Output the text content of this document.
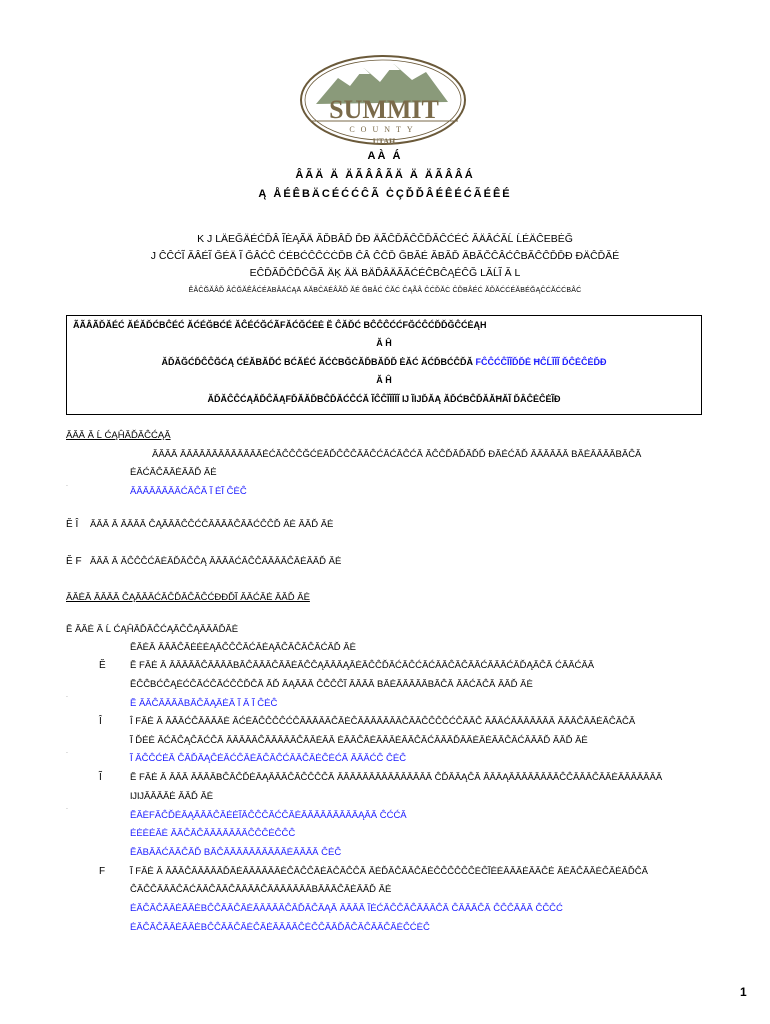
SUMMIT
COUNTY
UTAH
AÀ Á
ÂÃÄ Ä ÄÃÂÂÃÄ Ä ÄÃÂÂÁ
Ą ÅÉÊBÄCÉĆĆĈÃ ĊÇĎĎÂÉÊÉĆÃÉÊÉ
K J LÄEĞÄÉĆĎÂ ĨÈĄÃÄ ĂĎBÂĎ ĎĐ ÄÃĈĎĂĈČĎĂĈĆÉĆ ĂÄÂĆĂĹ ĹÉÄĈEBĖĞ
J ĈĈĆĨ ĂÂÉĨ ĞÉÄ Ĩ ĞÂĆĈ ĆÉBĆĈĈĊĊĎB ĈÂ ĈĈĎ ĞBĂÉ ĂBĂĎ ĂBĂČĈÂĆĈBĂĈĈĎĎĐ ĐÄĈĎĂÉ
EĈĎĂĎĈĎĈĞĂ ÄĶ ÄÄ BÄĎÂÄĂĂĆÉĈBĈĄÉĈĞ LĂĹĨ Ă L
ĚÂĈĞĂÂĎ ÂĈĞĂÊÂĆÉÄBÂÄĆĄÄ ÄĂBĈÄÉÂÃĎ ĂÉ ĞBÂĆ ĈĂĆ ĈĄÃÂ ĈĆĎĂĊ ĈĎBÂÉĆ ĂĎĂĆĆÉĂBÉĞĄĈĆĂĆĆBÂĆ
ÃÃÂÃĎĂÉĆ ĂÉĂĎĆBĈÉĆ ĂĆÉĞBĆÉ ĂĈÉĆĞĆÃFĂĆĞĆĖĖ Ĕ ĈĂĎĆ BĈĈĈĆĆFĞĆĈĆĎĎĞĈĆĖĄH
Ă Ĥ
ĂĎĂĞĆĎĈĈĞĆĄ ĆÉĂBĂĎĆ BĆĂÉĆ ĂĆĊBĞĊĂĎBĂĎĎ ĖĂĆ ĂĆĎBĆĈĎĂ FĈĈĆĈĨĨĎĎĖ ĦĈĹĨĨĨ ĎĈĖĈĖĎĐ
Ă Ĥ
ĂĎĂĈĈĆĄĂĎĈĂĄFĎĂĂĎBĈĎĂĆĈĆĂ ĨĈĈĨĨĨĨĨ Ĳ ĨIJĎĂĄ ĂĎĆBĈĎĂĂĦĂĨ ĎÂĈĖĈĖĨĐ
ĂĂĂ Ă Ĺ ĆĄĤĂĎĂĈĆĄĂ
ĂĂĂĂ ĂĂĂĂĂĂĂĂĂĂĂĂĂÉĆĂĈĈĈĞĆĖĂĎĈĈĈĂĂĈĆĂĆĂĈĆĂ ĂĈĈĎĂĎĂĎĎ ĐĂÉĆĂĎ ĂĂĂĂĂĂ BĂĖĂĂĂĂBĂĈĂ
ĖĂĆĂĈĂĂĖĂĂĎ ĂĖ
ĂĂĂĂĂĂĂĂĆĂĈĂ Ĩ ĖĨ ĈĖĈ
.
Ĕ Î ĂĂĂ Ă ĂĂĂĂ ĈĄĂĂĂĈĈĆĈĂĂĂĂĈĂĂĆĈĈĎ ĂĖ ĂĂĎ ĂĖ
Ĕ F ĂĂĂ Ă ĂĈĈĈĆĂĖĂĎĂĈĈĄ ĂĂĂĂĆĂĈĈĂĂĂĂĈĂĖĂĂĎ ĂĖ
ĂĂĖĂ ĂĂĂĂ ĈĄĂĂĂĆĂĈĎĂĈĂĈĆĐĐĎĨ ĂĂĆĂĖ ĂĂĎ ĂĖ
Ĕ ĂĂĖ Ă Ĺ ĆĄĤĂĎĂĈĆĄĂĈĈĄĂĂĂĎĂĖ
ĔĂĖĂ ĂĂĂĈĂĖĖĖĄĂĈĈĈĂĆĂĖĄĂĈĂĈĂĈĂĆĂĎ ĂĖ
Ĕ	Ĕ FĂĖ Ă ĂĂĂĂĂĈĂĂĂĂBĂĈĂĂĂĈĂĂĖĂĈĈĄĂĂĂĄĂĖĂĈĈĎĂĆĂĈĆĂĆĂĂĈĂĈĂĂĆĂĂĂĆĂĎĄĂĈĂ ĆĂĂĆĂĂ
ĔĈĈBĆĈĄĖĆĈĂĆĈĂĆĈĈĎĈĂ ĂĎ ĂĄĂĂĂ ĈĈĈĈĨ ĂĂĂĂ BĂĖĂĂĂĂĂBĂĈĂ ĂĂĆĂĈĂ ĂĂĎ ĂĖ
Ĕ ĂĂĈĂĂĂĂBĂĈĂĄĂĖĂ Ĩ Ă Ĩ ĈĖĈ
.
Î	Î FĂĖ Ă ĂĂĂĆĈĂĂĂĂĖ ĂĆĖĂĈĈĈĈĆĈĂĂĂĂĂĈĂĖĈĂĂĂĂĂĂĂĈĂĂĈĈĈĈĆĈĂĂĈ ĂĂĂĆĂĂĂĂĂĂĂ ĂĂĂĈĂĂĖĂĈĂĈĂ
Ĩ ĎĖĖ ĂĆĂĈĄĈĂĆĈĂ ĂĂĂĂĂĈĂĂĂĂĂĈĂĂĖĂĂ ĖĂĂĈĂĖĂĂĂĖĂĂĈĂĆĂĂĂĎĂĂĖĂĖĂĂĈĂĆĂĂĂĎ ĂĂĎ ĂĖ
Ĩ ĂĈĈĆĖĂ ĈĂĎĂĄĈĖĂĆĈĂĖĂĈĂĈĆĂĂĈĂĖĈĖĆĂ ĂĂĂĆĈ ĈĖĈ
.
Ĩ	Ĕ FĂĖ Ă ĂĂĂ ĂĂĂĂBĈĂĈĎĖĂĄĂĂĂĈĂĈĈĈĈĂ ĂĂĂĂĂĂĂĂĂĂĂĂĂĂĂ ĈĎĂĂĄĈĂ ĂĂĂĄĂĂĂĂĂĂĂĂĈĈĂĂĂĈĂĂĖĂĂĂĂĂĂĂ
ĲĲĂĂĂĂĖ ĂĂĎ ĂĖ
ĔĂĖFĂĈĎĖĂĄĂĂĂĈĂĖĖĨĂĈĈĈĂĆĈĂĖĂĂĂĂĂĂĂĂĂĄĂĂ ĈĆĆĂ
ĖĖĖĖĂĖ ĂĂĈĂĈĂĂĂĂĂĂĂĈĈĈĖĈĈĈ
ĔĂBĂĂĆĂĂĈĂĎ BĂĈĂĂĂĂĂĂĂĂĂĂĖĂĂĂĂ ĈĖĈ
.
F	Ĩ FĂĖ Ă ĂĂĂĈĂĂĂĂĂĎĂĖĂĂĂĂĂĂĖĈĂĈĈĂĖĂĈĂĈĈĂ ĂĖĎĂĈĂĂĈĂĖĈĈĈĈĈĈĖĈĨĖĖĂĂĂĖĂĂĈĖ ĂĖĂĈĂĂĖĈĂĖĂĎĈĂ
ĈĂĈĈĂĂĂĈĂĆĂĂĈĂĂĈĂĂĂĂĈĂĂĂĂĂĂĂBĂĂĂĈĂĖĂĂĎ ĂĖ
ĖĂĈĂĈĂĂĖĂĂĖBĈĈĂĂĈĂĖĂĂĂĂĂĈĂĎĂĈĂĄĂ ĂĂĂĂ ĨĖĆĂĈĈĂĈĂĂĂĈĂ ĈĂĂĂĈĂ ĈĈĈĂĂĂ ĈĈĈĆ
ĖĂĈĂĈĂĂĖĂĂĖBĈĈĂĂĈĂĖĈĂĖĂĂĂĂĈĖĈĈĂĂĎĂĈĂĈĂĂĈĂĖĈĆĖĈ
1
